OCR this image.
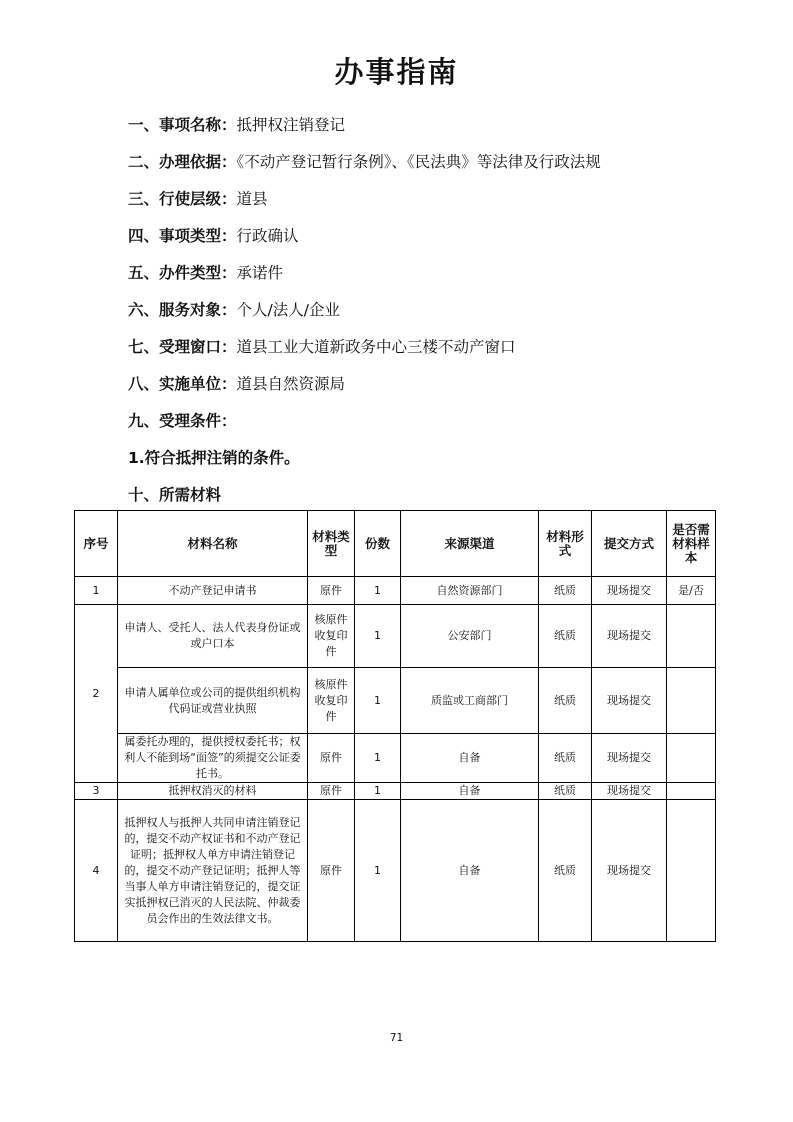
办事指南
一、事项名称：抵押权注销登记
二、办理依据：《不动产登记暂行条例》、《民法典》等法律及行政法规
三、行使层级：道县
四、事项类型：行政确认
五、办件类型：承诺件
六、服务对象：个人/法人/企业
七、受理窗口：道县工业大道新政务中心三楼不动产窗口
八、实施单位：道县自然资源局
九、受理条件：
1.符合抵押注销的条件。
十、所需材料
序号	材料名称	材料类型	份数	来源渠道	材料形式	提交方式	是否需材料样本
1	不动产登记申请书	原件	1	自然资源部门	纸质	现场提交	是/否
2	申请人、受托人、法人代表身份证或或户口本	核原件收复印件	1	公安部门	纸质	现场提交	
	申请人属单位或公司的提供组织机构代码证或营业执照	核原件收复印件	1	质监或工商部门	纸质	现场提交	
	属委托办理的，提供授权委托书；权利人不能到场“面签”的须提交公证委托书。	原件	1	自备	纸质	现场提交	
3	抵押权消灭的材料	原件	1	自备	纸质	现场提交	
4	抵押权人与抵押人共同申请注销登记的，提交不动产权证书和不动产登记证明；抵押权人单方申请注销登记的，提交不动产登记证明；抵押人等当事人单方申请注销登记的，提交证实抵押权已消灭的人民法院、仲裁委员会作出的生效法律文书。	原件	1	自备	纸质	现场提交	
71
